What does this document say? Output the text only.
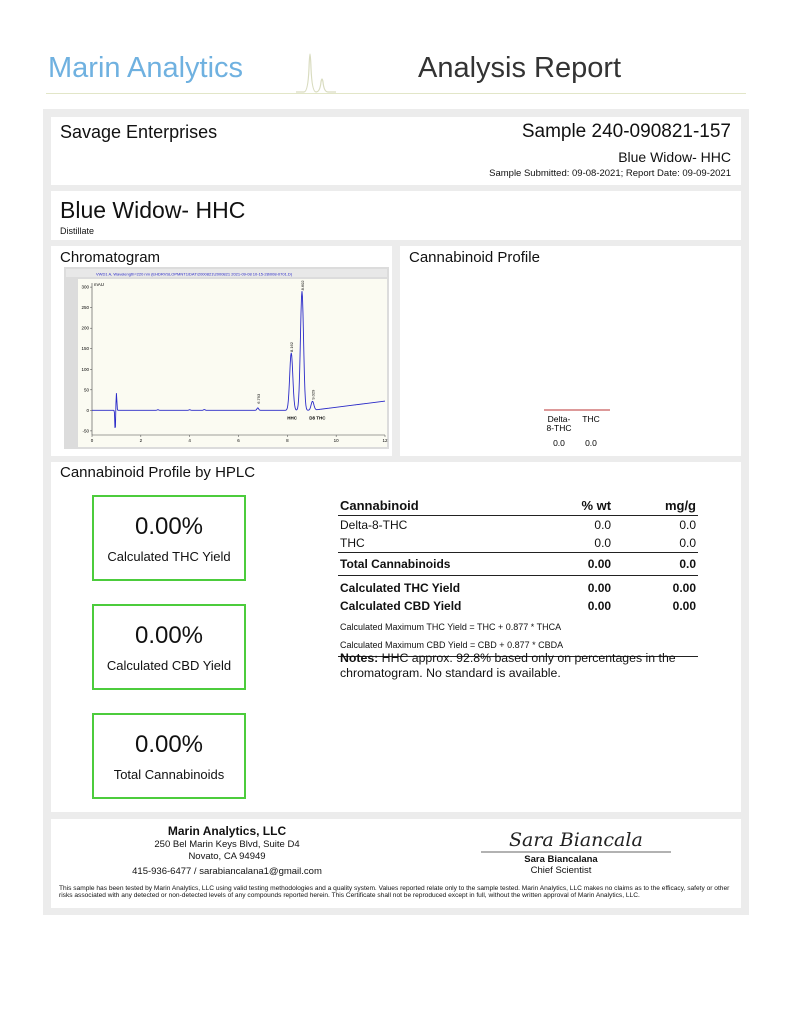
Marin Analytics	Analysis Report
Savage Enterprises	Sample 240-090821-157
Blue Widow- HHC
Sample Submitted: 09-08-2021; Report Date: 09-09-2021
Blue Widow- HHC
Distillate
Chromatogram
VWD1 A, Wavelength=220 nm (EHDRVSLOPMNT1\DAT\2000821\2000821 2021-09-08 10-15-28\008-0701.D)
mAU
300
250
200
150
100
50
0
-50
0	2	4	6	8	10	12
6.793
8.162
8.602
9.029
HHC	D8 THC
Cannabinoid Profile
Delta-
8-THC
THC
0.0 0.0
Cannabinoid Profile by HPLC
0.00%
Calculated THC Yield
0.00%
Calculated CBD Yield
0.00%
Total Cannabinoids
Cannabinoid	% wt	mg/g
Delta-8-THC	0.0	0.0
THC	0.0	0.0
Total Cannabinoids	0.00	0.0
Calculated THC Yield	0.00	0.00
Calculated CBD Yield	0.00	0.00
Calculated Maximum THC Yield = THC + 0.877 * THCA		
Calculated Maximum CBD Yield = CBD + 0.877 * CBDA		
Notes: HHC approx. 92.8% based only on percentages in the chromatogram. No standard is available.
Marin Analytics, LLC
250 Bel Marin Keys Blvd, Suite D4
Novato, CA 94949
415-936-6477 / sarabiancalana1@gmail.com
Sara Biancala
Sara Biancalana
Chief Scientist
This sample has been tested by Marin Analytics, LLC using valid testing methodologies and a quality system. Values reported relate only to the sample tested. Marin Analytics, LLC makes no claims as to the efficacy, safety or other risks associated with any detected or non-detected levels of any compounds reported herein. This Certificate shall not be reproduced except in full, without the written approval of Marin Analytics, LLC.
